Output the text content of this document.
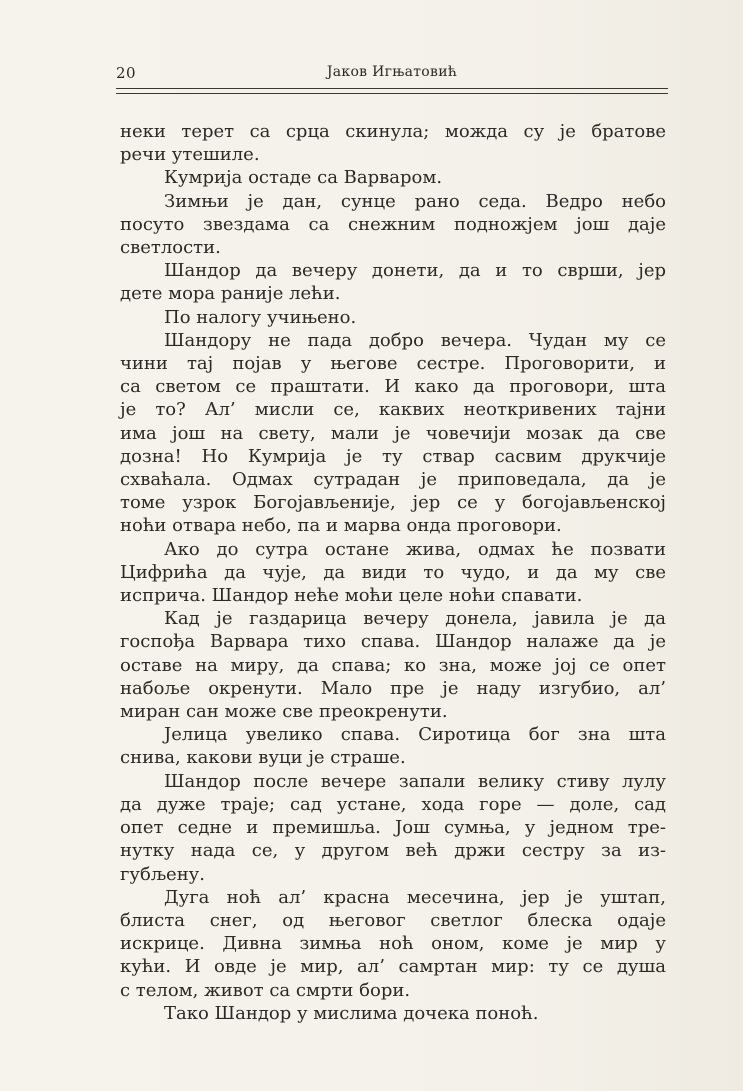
20	Јаков Игњатовић

неки терет са срца скинула; можда су је братове
речи утешиле.

Кумрија остаде са Варваром.

Зимњи је дан, сунце рано седа. Ведро небо
посуто звездама са снежним подножјем још даје
светлости.

Шандор да вечеру донети, да и то сврши, јер
дете мора раније лећи.

По налогу учињено.

Шандору не пада добро вечера. Чудан му се
чини тај појав у његове сестре. Проговорити, и
са светом се праштати. И како да проговори, шта
је то? Ал’ мисли се, каквих неоткривених тајни
има још на свету, мали је човечији мозак да све
дозна! Но Кумрија је ту ствар сасвим друкчије
схваћала. Одмах сутрадан је приповедала, да је
томе узрок Богојављеније, јер се у богојављенској
ноћи отвара небо, па и марва онда проговори.

Ако до сутра остане жива, одмах ће позвати
Цифрића да чује, да види то чудо, и да му све
исприча. Шандор неће моћи целе ноћи спавати.

Кад је газдарица вечеру донела, јавила је да
госпођа Варвара тихо спава. Шандор налаже да је
оставе на миру, да спава; ко зна, може јој се опет
набоље окренути. Мало пре је наду изгубио, ал’
миран сан може све преокренути.

Јелица увелико спава. Сиротица бог зна шта
снива, какови вуци је страше.

Шандор после вечере запали велику стиву лулу
да дуже траје; сад устане, хода горе — доле, сад
опет седне и премишља. Још сумња, у једном тре-
нутку нада се, у другом већ држи сестру за из-
губљену.

Дуга ноћ ал’ красна месечина, јер је уштап,
блиста снег, од његовог светлог блеска одаје
искрице. Дивна зимња ноћ оном, коме је мир у
кући. И овде је мир, ал’ самртан мир: ту се душа
с телом, живот са смрти бори.

Тако Шандор у мислима дочека поноћ.
